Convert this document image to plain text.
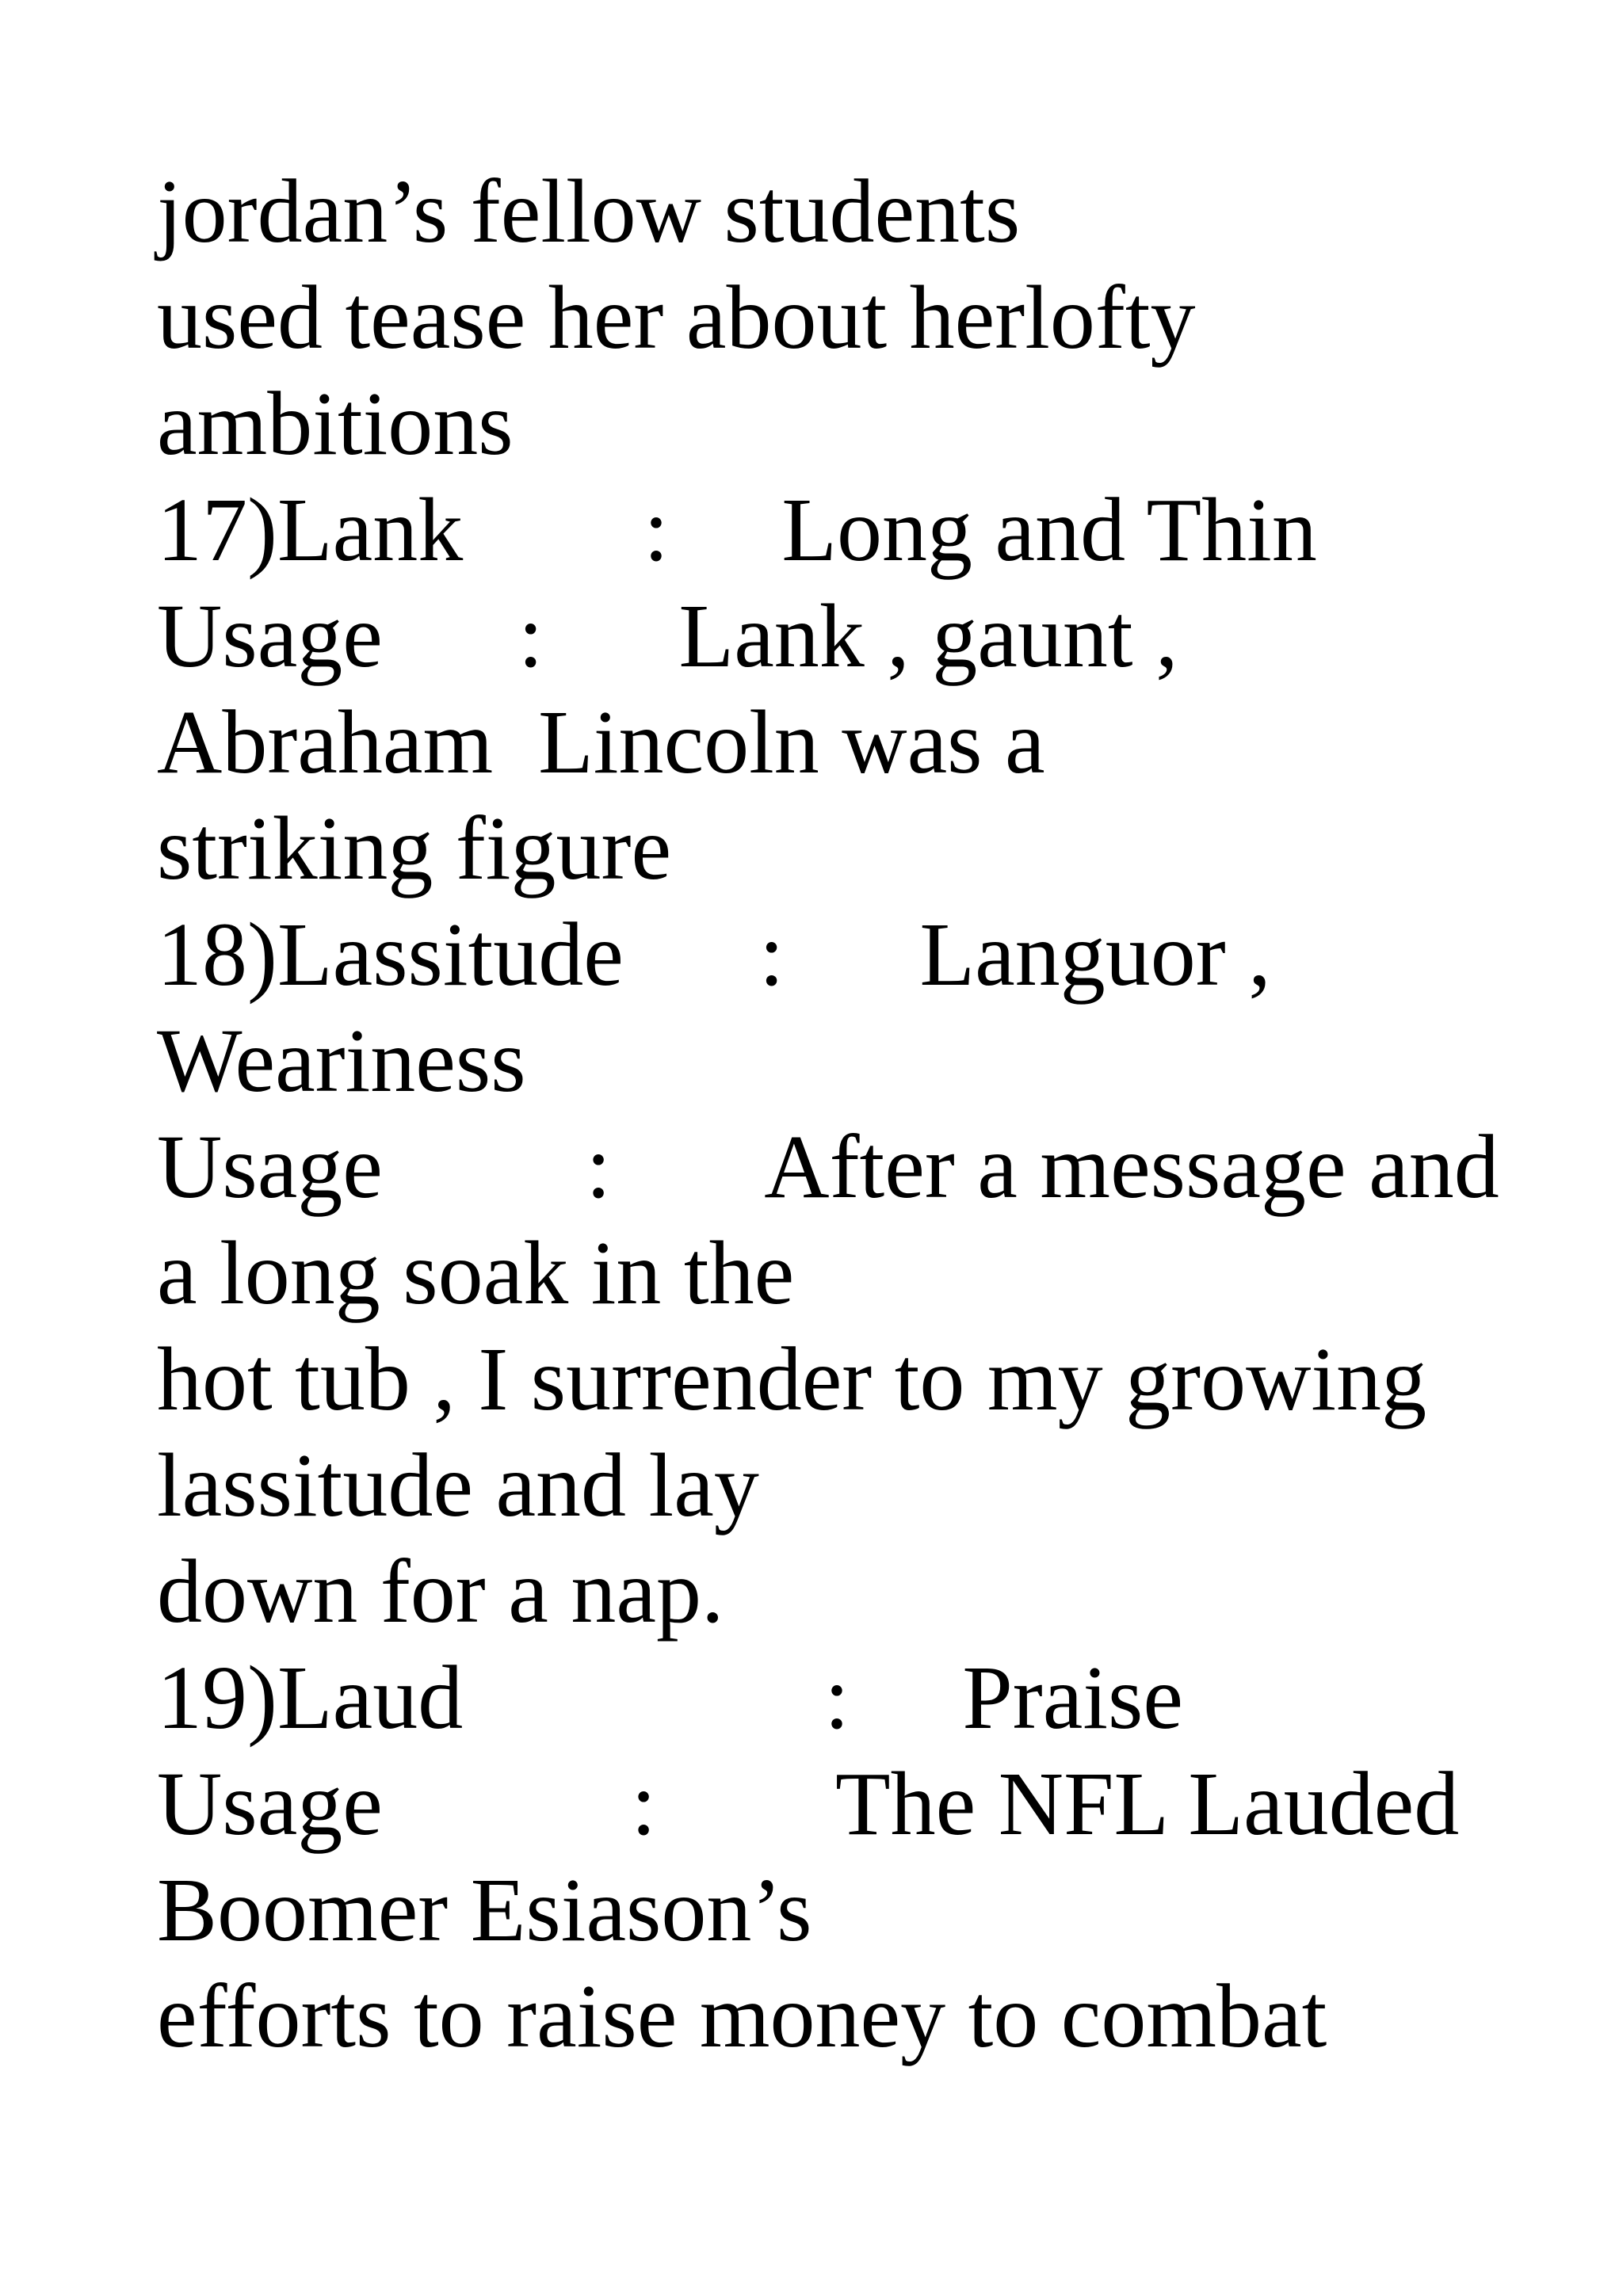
jordan’s fellow students

used tease her about herlofty

ambitions

17)Lank        :     Long and Thin

Usage      :      Lank , gaunt ,

Abraham  Lincoln was a

striking figure

18)Lassitude      :      Languor ,

Weariness

Usage         :       After a message and

a long soak in the

hot tub , I surrender to my growing

lassitude and lay

down for a nap.

19)Laud                :     Praise

Usage           :        The NFL Lauded

Boomer Esiason’s

efforts to raise money to combat
